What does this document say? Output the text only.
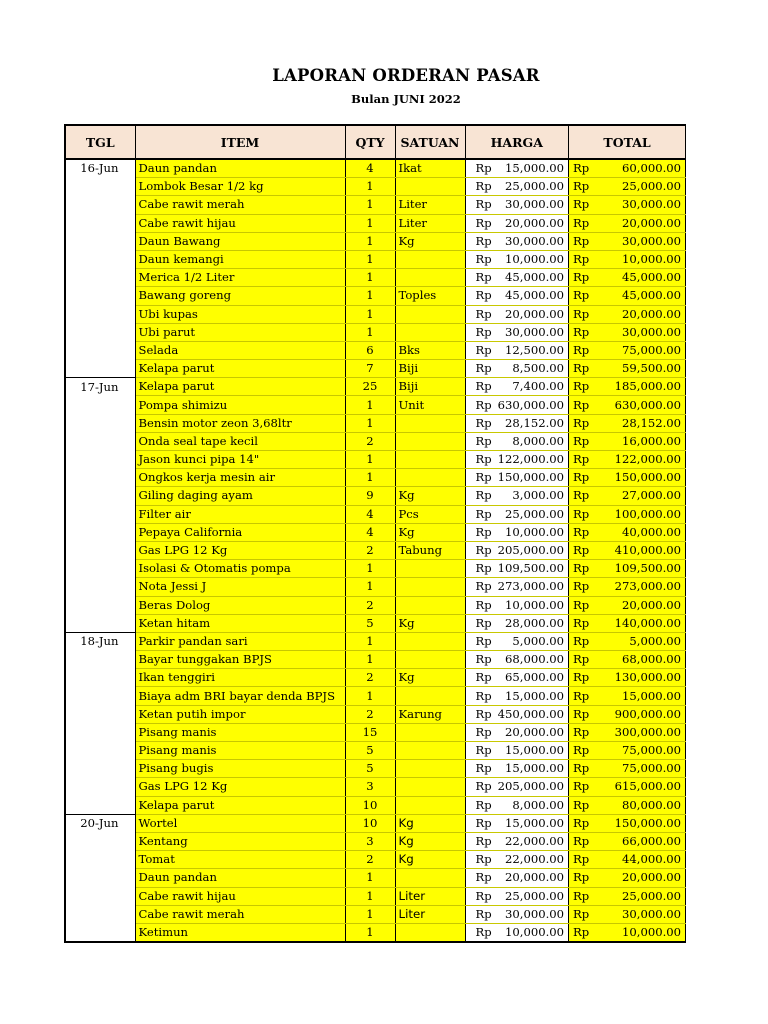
LAPORAN ORDERAN PASAR
Bulan JUNI 2022
TGL	ITEM	QTY	SATUAN	HARGA		TOTAL	
16-Jun	Daun pandan	4	Ikat	Rp	15,000.00	Rp	60,000.00
	Lombok Besar 1/2 kg	1		Rp	25,000.00	Rp	25,000.00
	Cabe rawit merah	1	Liter	Rp	30,000.00	Rp	30,000.00
	Cabe rawit hijau	1	Liter	Rp	20,000.00	Rp	20,000.00
	Daun Bawang	1	Kg	Rp	30,000.00	Rp	30,000.00
	Daun kemangi	1		Rp	10,000.00	Rp	10,000.00
	Merica 1/2 Liter	1		Rp	45,000.00	Rp	45,000.00
	Bawang goreng	1	Toples	Rp	45,000.00	Rp	45,000.00
	Ubi kupas	1		Rp	20,000.00	Rp	20,000.00
	Ubi parut	1		Rp	30,000.00	Rp	30,000.00
	Selada	6	Bks	Rp	12,500.00	Rp	75,000.00
	Kelapa parut	7	Biji	Rp	8,500.00	Rp	59,500.00
17-Jun	Kelapa parut	25	Biji	Rp	7,400.00	Rp	185,000.00
	Pompa shimizu	1	Unit	Rp	630,000.00	Rp	630,000.00
	Bensin motor zeon 3,68ltr	1		Rp	28,152.00	Rp	28,152.00
	Onda seal tape kecil	2		Rp	8,000.00	Rp	16,000.00
	Jason kunci pipa 14"	1		Rp	122,000.00	Rp	122,000.00
	Ongkos kerja mesin air	1		Rp	150,000.00	Rp	150,000.00
	Giling daging ayam	9	Kg	Rp	3,000.00	Rp	27,000.00
	Filter air	4	Pcs	Rp	25,000.00	Rp	100,000.00
	Pepaya California	4	Kg	Rp	10,000.00	Rp	40,000.00
	Gas LPG 12 Kg	2	Tabung	Rp	205,000.00	Rp	410,000.00
	Isolasi & Otomatis pompa	1		Rp	109,500.00	Rp	109,500.00
	Nota Jessi J	1		Rp	273,000.00	Rp	273,000.00
	Beras Dolog	2		Rp	10,000.00	Rp	20,000.00
	Ketan hitam	5	Kg	Rp	28,000.00	Rp	140,000.00
18-Jun	Parkir pandan sari	1		Rp	5,000.00	Rp	5,000.00
	Bayar tunggakan BPJS	1		Rp	68,000.00	Rp	68,000.00
	Ikan tenggiri	2	Kg	Rp	65,000.00	Rp	130,000.00
	Biaya adm BRI bayar denda BPJS	1		Rp	15,000.00	Rp	15,000.00
	Ketan putih impor	2	Karung	Rp	450,000.00	Rp	900,000.00
	Pisang manis	15		Rp	20,000.00	Rp	300,000.00
	Pisang manis	5		Rp	15,000.00	Rp	75,000.00
	Pisang bugis	5		Rp	15,000.00	Rp	75,000.00
	Gas LPG 12 Kg	3		Rp	205,000.00	Rp	615,000.00
	Kelapa parut	10		Rp	8,000.00	Rp	80,000.00
20-Jun	Wortel	10	Kg	Rp	15,000.00	Rp	150,000.00
	Kentang	3	Kg	Rp	22,000.00	Rp	66,000.00
	Tomat	2	Kg	Rp	22,000.00	Rp	44,000.00
	Daun pandan	1		Rp	20,000.00	Rp	20,000.00
	Cabe rawit hijau	1	Liter	Rp	25,000.00	Rp	25,000.00
	Cabe rawit merah	1	Liter	Rp	30,000.00	Rp	30,000.00
	Ketimun	1		Rp	10,000.00	Rp	10,000.00
